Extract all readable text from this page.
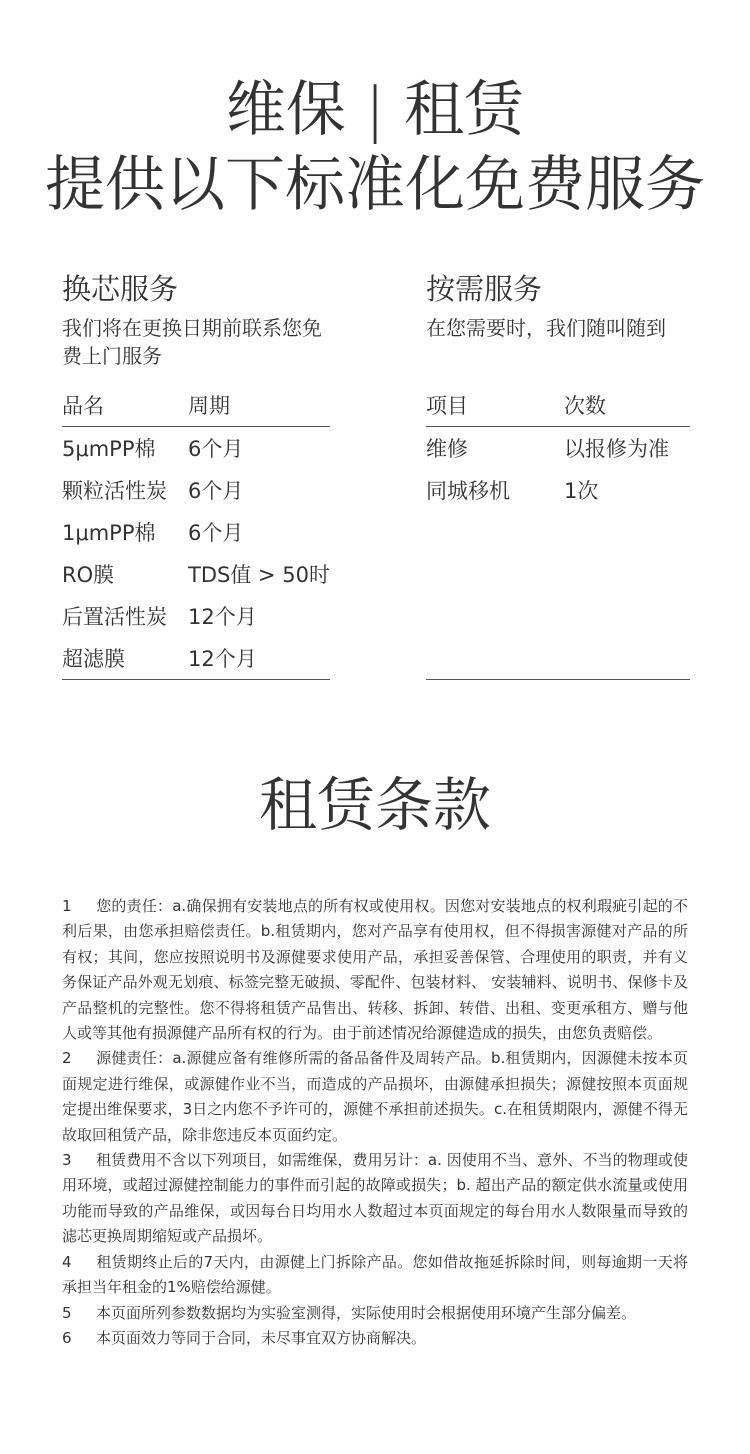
维保 | 租赁
提供以下标准化免费服务
换芯服务
我们将在更换日期前联系您免费上门服务
品名	周期
5μmPP棉	6个月
颗粒活性炭	6个月
1μmPP棉	6个月
RO膜	TDS值 > 50时
后置活性炭	12个月
超滤膜	12个月
按需服务
在您需要时，我们随叫随到
项目	次数
维修	以报修为准
同城移机	1次

租赁条款

1 您的责任：a.确保拥有安装地点的所有权或使用权。因您对安装地点的权利瑕疵引起的不利后果，由您承担赔偿责任。b.租赁期内，您对产品享有使用权，但不得损害源健对产品的所有权；其间，您应按照说明书及源健要求使用产品，承担妥善保管、合理使用的职责，并有义务保证产品外观无划痕、标签完整无破损、零配件、包装材料、 安装辅料、说明书、保修卡及产品整机的完整性。您不得将租赁产品售出、转移、拆卸、转借、出租、变更承租方、赠与他人或等其他有损源健产品所有权的行为。由于前述情况给源健造成的损失，由您负责赔偿。

2 源健责任：a.源健应备有维修所需的备品备件及周转产品。b.租赁期内，因源健未按本页面规定进行维保，或源健作业不当，而造成的产品损坏，由源健承担损失；源健按照本页面规定提出维保要求，3日之内您不予许可的，源健不承担前述损失。c.在租赁期限内，源健不得无故取回租赁产品，除非您违反本页面约定。

3 租赁费用不含以下列项目，如需维保，费用另计：a. 因使用不当、意外、不当的物理或使用环境，或超过源健控制能力的事件而引起的故障或损失；b. 超出产品的额定供水流量或使用功能而导致的产品维保，或因每台日均用水人数超过本页面规定的每台用水人数限量而导致的滤芯更换周期缩短或产品损坏。

4 租赁期终止后的7天内，由源健上门拆除产品。您如借故拖延拆除时间，则每逾期一天将承担当年租金的1%赔偿给源健。

5 本页面所列参数数据均为实验室测得，实际使用时会根据使用环境产生部分偏差。

6 本页面效力等同于合同，未尽事宜双方协商解决。
